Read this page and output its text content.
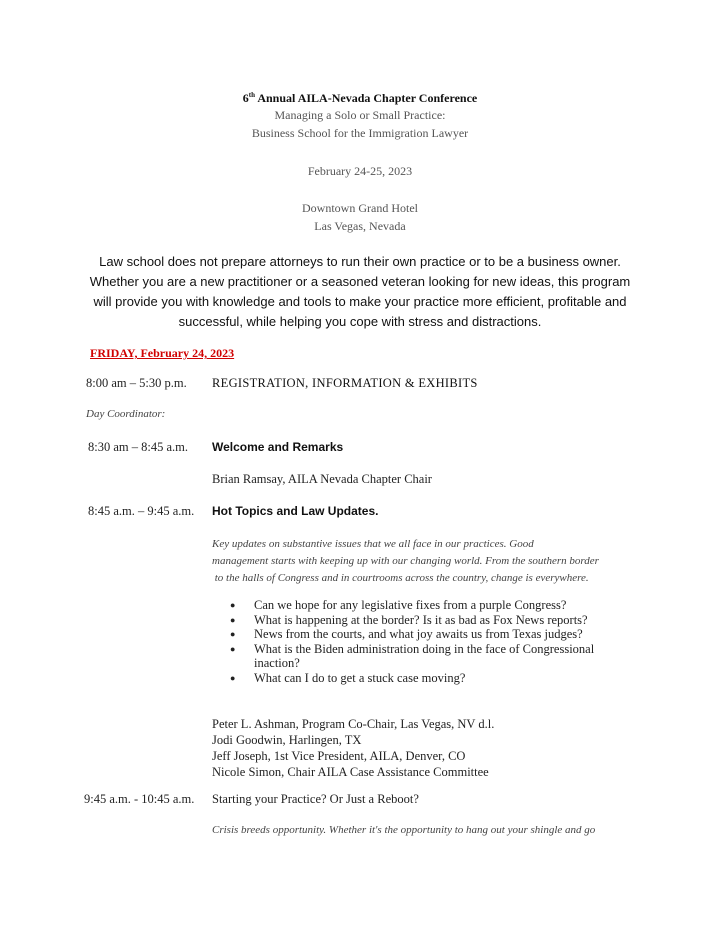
6th Annual AILA-Nevada Chapter Conference
Managing a Solo or Small Practice:
Business School for the Immigration Lawyer
February 24-25, 2023
Downtown Grand Hotel
Las Vegas, Nevada
Law school does not prepare attorneys to run their own practice or to be a business owner. Whether you are a new practitioner or a seasoned veteran looking for new ideas, this program will provide you with knowledge and tools to make your practice more efficient, profitable and successful, while helping you cope with stress and distractions.
FRIDAY, February 24, 2023
8:00 am – 5:30 p.m. REGISTRATION, INFORMATION & EXHIBITS
Day Coordinator:
8:30 am – 8:45 a.m. Welcome and Remarks
Brian Ramsay, AILA Nevada Chapter Chair
8:45 a.m. – 9:45 a.m. Hot Topics and Law Updates.
Key updates on substantive issues that we all face in our practices. Good
management starts with keeping up with our changing world. From the southern border
to the halls of Congress and in courtrooms across the country, change is everywhere.
● Can we hope for any legislative fixes from a purple Congress?
● What is happening at the border? Is it as bad as Fox News reports?
● News from the courts, and what joy awaits us from Texas judges?
● What is the Biden administration doing in the face of Congressional inaction?
● What can I do to get a stuck case moving?
Peter L. Ashman, Program Co-Chair, Las Vegas, NV d.l.
Jodi Goodwin, Harlingen, TX
Jeff Joseph, 1st Vice President, AILA, Denver, CO
Nicole Simon, Chair AILA Case Assistance Committee
9:45 a.m. - 10:45 a.m. Starting your Practice? Or Just a Reboot?
Crisis breeds opportunity. Whether it's the opportunity to hang out your shingle and go
